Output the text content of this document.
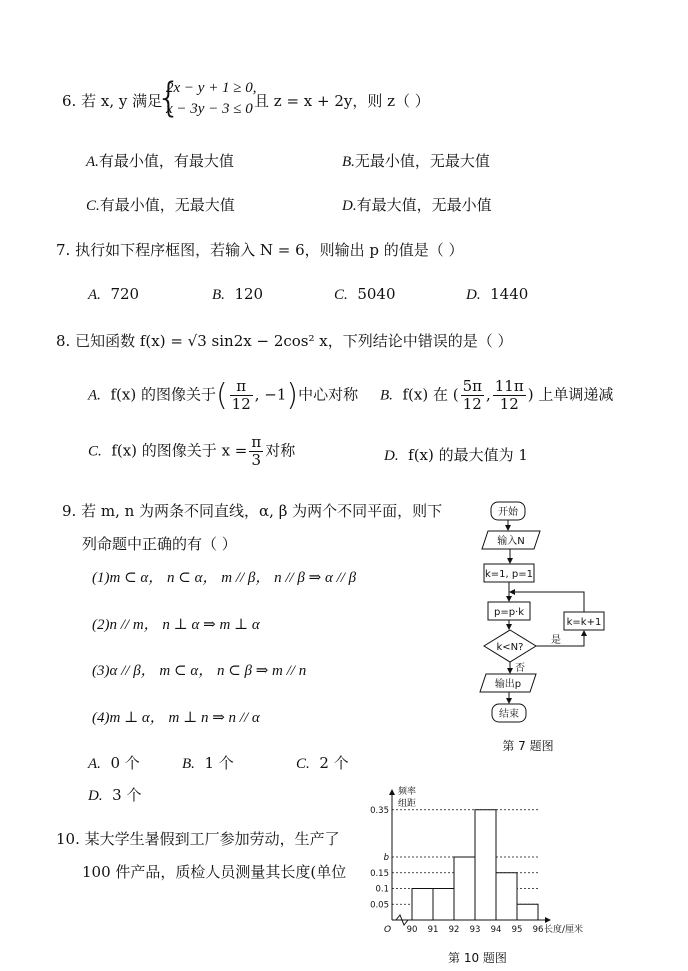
6. 若 x, y 满足
{
2x − y + 1 ≥ 0,
x − 3y − 3 ≤ 0 且 z = x + 2y，则 z（ ）
A.有最小值，有最大值	B.无最小值，无最大值
C.有最小值，无最大值	D.有最大值，无最小值
7. 执行如下程序框图，若输入 N = 6，则输出 p 的值是（ ）
A. 720	B. 120	C. 5040	D. 1440
8. 已知函数 f(x) = √3 sin2x − 2cos² x，下列结论中错误的是（ ）
A. f(x) 的图像关于( $\frac{\pi}{12}$ , −1)中心对称 B. f(x) 在 ( $\frac{5\pi}{12}$ , $\frac{11\pi}{12}$ ) 上单调递减
C. f(x) 的图像关于 $x = \frac{\pi}{3}$ 对称	D. f(x) 的最大值为 1
9. 若 m, n 为两条不同直线，α, β 为两个不同平面，则下
列命题中正确的有（ ）
(1)m ⊂ α， n ⊂ α， m // β， n // β ⇒ α // β
(2)n // m， n ⊥ α ⇒ m ⊥ α
(3)α // β， m ⊂ α， n ⊂ β ⇒ m // n
(4)m ⊥ α， m ⊥ n ⇒ n // α
A. 0 个	B. 1 个	C. 2 个
D. 3 个
10. 某大学生暑假到工厂参加劳动，生产了
100 件产品，质检人员测量其长度(单位
开始
输入N
k=1, p=1
p=p·k
k<N?
k=k+1
是
否
输出p
结束
第 7 题图
频率
组距
长度/厘米
O
第 10 题图
0.05
0.1
0.15
b
0.35
90 91 92 93 94 95 96
